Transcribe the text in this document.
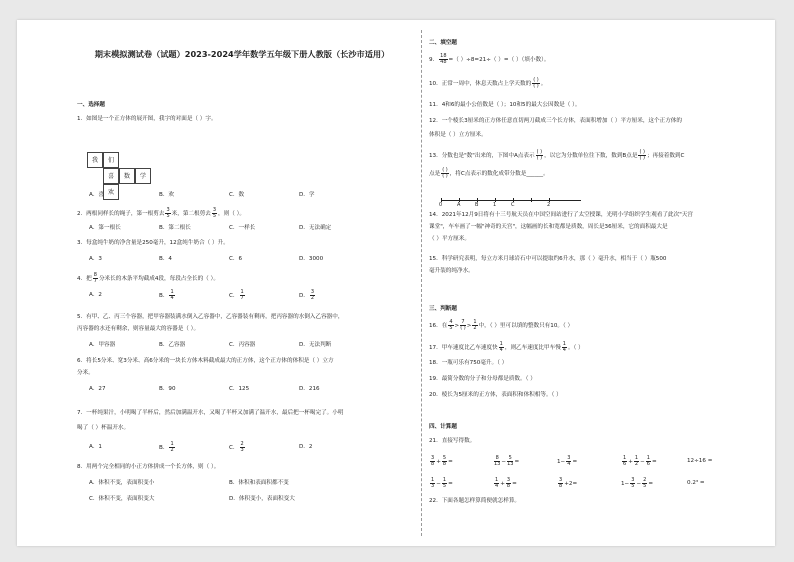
期末模拟测试卷（试题）2023-2024学年数学五年级下册人教版（长沙市适用）
一、选择题
1．如图是一个正方体的展开图，我字的对面是（ ）字。
我	们
喜	数	学
欢
A．喜	B．欢	C．数	D．学
2．两根同样长的绳子，第一根剪去 $\frac{3}{5}$ 米，第二根剪去 $\frac{3}{5}$ ，则（ ）。
A．第一根长	B．第二根长	C．一样长	D．无法确定
3．每盒纯牛奶的净含量是250毫升，12盒纯牛奶合（ ）升。
A．3	B．4	C．6	D．3000
4．把 $\frac{8}{7}$ 分米长的木条平均截成4段，每段占全长的（ ）。
A．2	B． $\frac{1}{4}$	C． $\frac{1}{7}$	D． $\frac{3}{2}$
5．有甲、乙、丙三个容器，把甲容器装满水倒入乙容器中，乙容器装有剩再，把丙容器的水倒入乙容器中，
丙容器的水还有剩余，则容量最大的容器是（ ）。
A．甲容器	B．乙容器	C．丙容器	D．无法判断
6．将长5分米、宽3分米、高6分米的一块长方体木料截成最大的正方体，这个正方体的体积是（ ）立方
分米。
A．27	B．90	C．125	D．216
7．一杯纯果汁，小明喝了半杯后，然后加满温开水，又喝了半杯又加满了温开水，最后把一杯喝完了。小明
喝了（ ）杯温开水。
A．1	B． $\frac{1}{2}$	C． $\frac{2}{3}$	D．2
8．用两个完全相同的小正方体拼成一个长方体，则（ ）。
A．体积不变，表面积变小	B．体积和表面积都不变
C．体积不变，表面积变大	D．体积变小，表面积变大
二、填空题
9． $\frac{18}{48}$ =（ ）÷8=21÷（ ）=（ ）（填小数）。
10．正常一周中，休息天数占上学天数的 $\frac{( )}{( )}$ 。
11．4和6的最小公倍数是（ ）；10和5的最大公因数是（ ）。
12．一个棱长3厘米的正方体任意直切两刀截成三个长方体，表面积增加（ ）平方厘米，这个正方体的
体积是（ ）立方厘米。
13．分数也是"数"出来的，下图中A点表示 $\frac{( )}{( )}$ ，以它为分数单位往下数，数到B点是 $\frac{( )}{( )}$ ；再接着数到C
点是 $\frac{( )}{( )}$ ，将C点表示的数化成带分数是______。
0	A	B	1	C	2
14．2021年12月9日将有十三号航天员在中国空间站进行了太空授课，光明小学组织学生观看了此次"天宫
课堂"，车车画了一幅"神奇的天宫"，这幅画的长和宽都是质数，周长是36厘米，它的面积最大是
（ ）平方厘米。
15．科学研究表明，每立方米月球岩石中可以提取约6升水，那（ ）毫升水，相当于（ ）瓶500
毫升装的纯净水。
三、判断题
16．在 $\frac{4}{5} > \frac{7}{( )} > \frac{1}{2}$ 中，（ ）里可以填的整数只有10。（ ）
17．甲车速度比乙车速度快 $\frac{1}{4}$ ，则乙车速度比甲车慢 $\frac{1}{4}$ 。（ ）
18．一瓶可乐有750毫升。（ ）
19．最简分数的分子和分母都是质数。（ ）
20．棱长为5厘米的正方体，表面积和体积相等。（ ）
四、计算题
21．直接写得数。
$\frac{3}{8} + \frac{5}{8}$ =	$\frac{8}{13} - \frac{5}{13}$ =	$1- \frac{3}{4}$ =	$\frac{1}{6} + \frac{1}{2} - \frac{1}{6}$ =	12÷16 =
$\frac{1}{3} - \frac{1}{5}$ =	$\frac{1}{4} + \frac{3}{8}$ =	$\frac{3}{8} +2=$	$1- \frac{3}{5} - \frac{2}{5}$ =	0.2³ =
22．下面各题怎样算简便就怎样算。
